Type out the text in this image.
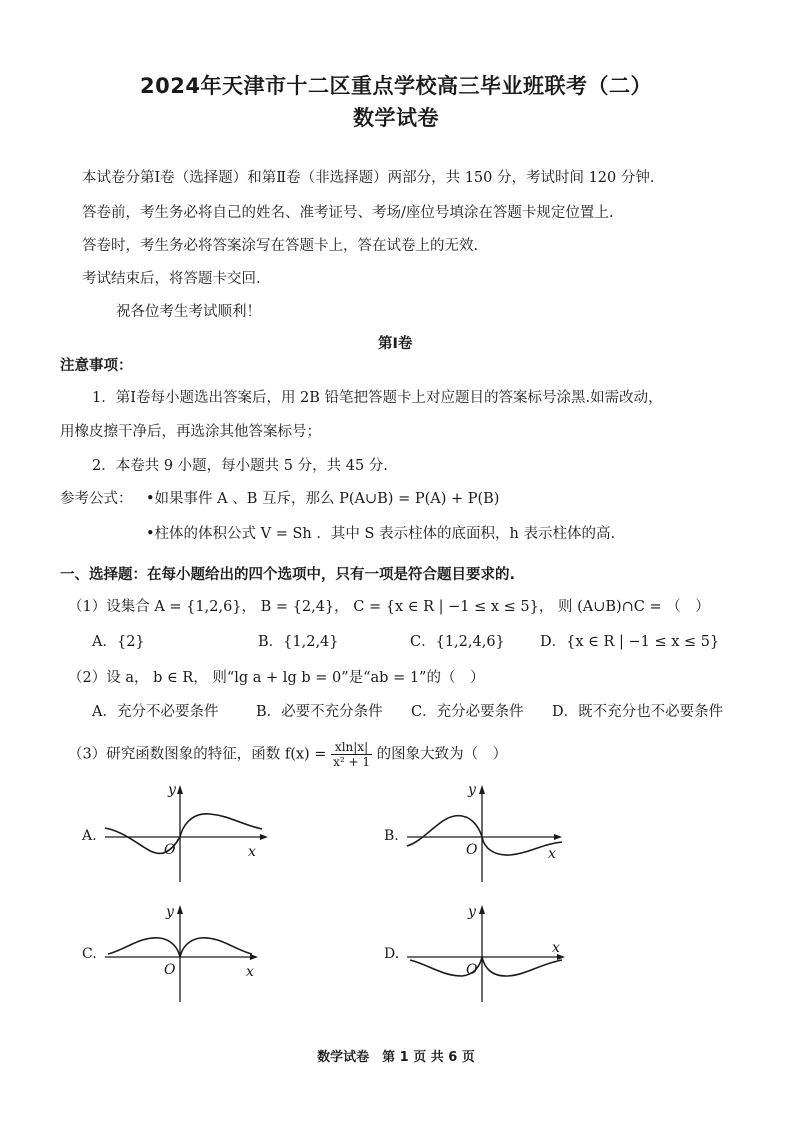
2024年天津市十二区重点学校高三毕业班联考（二）
数学试卷
本试卷分第Ⅰ卷（选择题）和第Ⅱ卷（非选择题）两部分，共 150 分，考试时间 120 分钟.
答卷前，考生务必将自己的姓名、准考证号、考场/座位号填涂在答题卡规定位置上.
答卷时，考生务必将答案涂写在答题卡上，答在试卷上的无效.
考试结束后，将答题卡交回.
祝各位考生考试顺利！
第Ⅰ卷
注意事项：
1．第Ⅰ卷每小题选出答案后，用 2B 铅笔把答题卡上对应题目的答案标号涂黑.如需改动，
用橡皮擦干净后，再选涂其他答案标号；
2．本卷共 9 小题，每小题共 5 分，共 45 分.
参考公式： •如果事件 A 、B 互斥，那么 P(A∪B) = P(A) + P(B)
•柱体的体积公式 V = Sh ．其中 S 表示柱体的底面积，h 表示柱体的高.
一、选择题：在每小题给出的四个选项中，只有一项是符合题目要求的.
（1）设集合 A = {1,2,6}， B = {2,4}， C = {x ∈ R | −1 ≤ x ≤ 5}， 则 (A∪B)∩C = （　）
A．{2}	B．{1,2,4}	C．{1,2,4,6} D．{x ∈ R | −1 ≤ x ≤ 5}
（2）设 a， b ∈ R， 则“lg a + lg b = 0”是“ab = 1”的（　）
A．充分不必要条件	B．必要不充分条件 C．充分必要条件 D．既不充分也不必要条件
（3）研究函数图象的特征，函数 $f(x) = \frac{xln|x|}{\text{x² + 1}}$ 的图象大致为（　）
A.
y
x
O
B.
y
x
O
C.
y
x
O
D.
y
x
O
数学试卷　第 1 页 共 6 页
